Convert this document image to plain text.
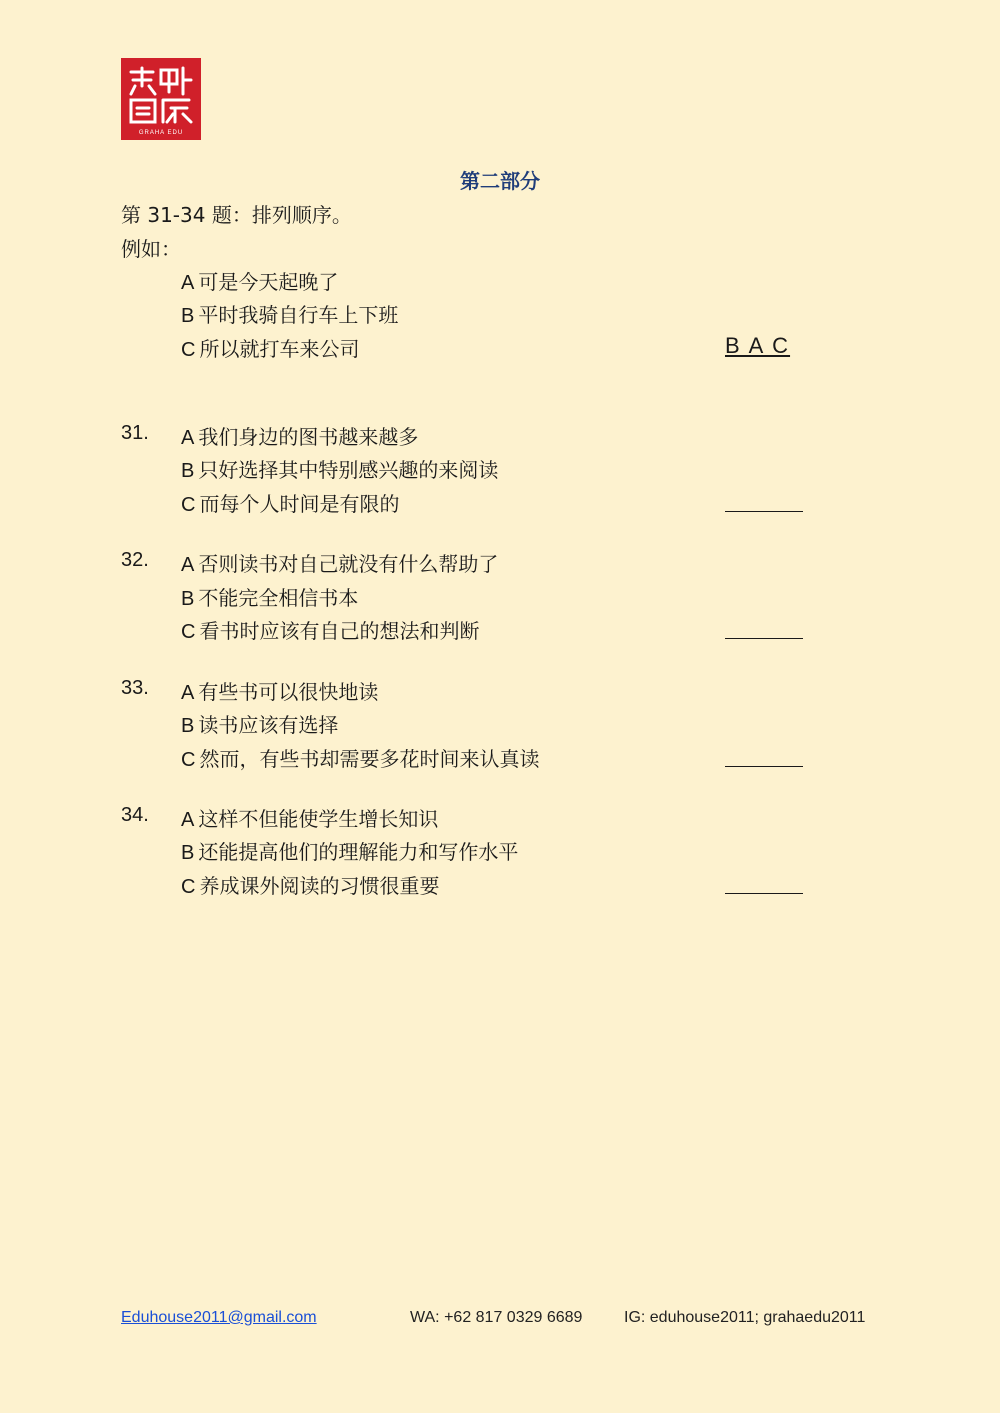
GRAHA EDU
第二部分
第 31-34 题：排列顺序。
例如：
A 可是今天起晚了
B 平时我骑自行车上下班
C 所以就打车来公司	B A C
31. A 我们身边的图书越来越多
B 只好选择其中特别感兴趣的来阅读
C 而每个人时间是有限的
32. A 否则读书对自己就没有什么帮助了
B 不能完全相信书本
C 看书时应该有自己的想法和判断
33. A 有些书可以很快地读
B 读书应该有选择
C 然而，有些书却需要多花时间来认真读
34. A 这样不但能使学生增长知识
B 还能提高他们的理解能力和写作水平
C 养成课外阅读的习惯很重要
Eduhouse2011@gmail.com	WA: +62 817 0329 6689	IG: eduhouse2011; grahaedu2011
